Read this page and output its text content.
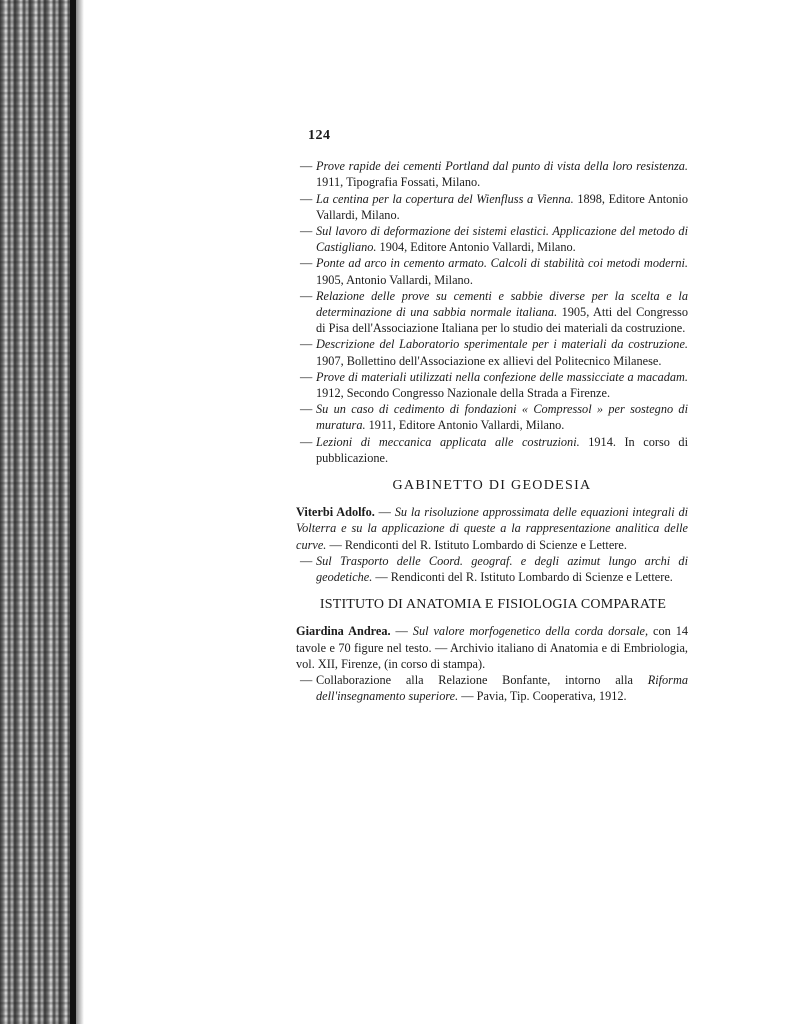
124

— Prove rapide dei cementi Portland dal punto di vista della loro resistenza. 1911, Tipografia Fossati, Milano.

— La centina per la copertura del Wienfluss a Vienna. 1898, Editore Antonio Vallardi, Milano.

— Sul lavoro di deformazione dei sistemi elastici. Applicazione del metodo di Castigliano. 1904, Editore Antonio Vallardi, Milano.

— Ponte ad arco in cemento armato. Calcoli di stabilità coi metodi moderni. 1905, Antonio Vallardi, Milano.

— Relazione delle prove su cementi e sabbie diverse per la scelta e la determinazione di una sabbia normale italiana. 1905, Atti del Congresso di Pisa dell'Associazione Italiana per lo studio dei materiali da costruzione.

— Descrizione del Laboratorio sperimentale per i materiali da costruzione. 1907, Bollettino dell'Associazione ex allievi del Politecnico Milanese.

— Prove di materiali utilizzati nella confezione delle massicciate a macadam. 1912, Secondo Congresso Nazionale della Strada a Firenze.

— Su un caso di cedimento di fondazioni « Compressol » per sostegno di muratura. 1911, Editore Antonio Vallardi, Milano.

— Lezioni di meccanica applicata alle costruzioni. 1914. In corso di pubblicazione.

GABINETTO DI GEODESIA

Viterbi Adolfo. — Su la risoluzione approssimata delle equazioni integrali di Volterra e su la applicazione di queste a la rappresentazione analitica delle curve. — Rendiconti del R. Istituto Lombardo di Scienze e Lettere.

— Sul Trasporto delle Coord. geograf. e degli azimut lungo archi di geodetiche. — Rendiconti del R. Istituto Lombardo di Scienze e Lettere.

ISTITUTO DI ANATOMIA E FISIOLOGIA COMPARATE

Giardina Andrea. — Sul valore morfogenetico della corda dorsale, con 14 tavole e 70 figure nel testo. — Archivio italiano di Anatomia e di Embriologia, vol. XII, Firenze, (in corso di stampa).

— Collaborazione alla Relazione Bonfante, intorno alla Riforma dell'insegnamento superiore. — Pavia, Tip. Cooperativa, 1912.
